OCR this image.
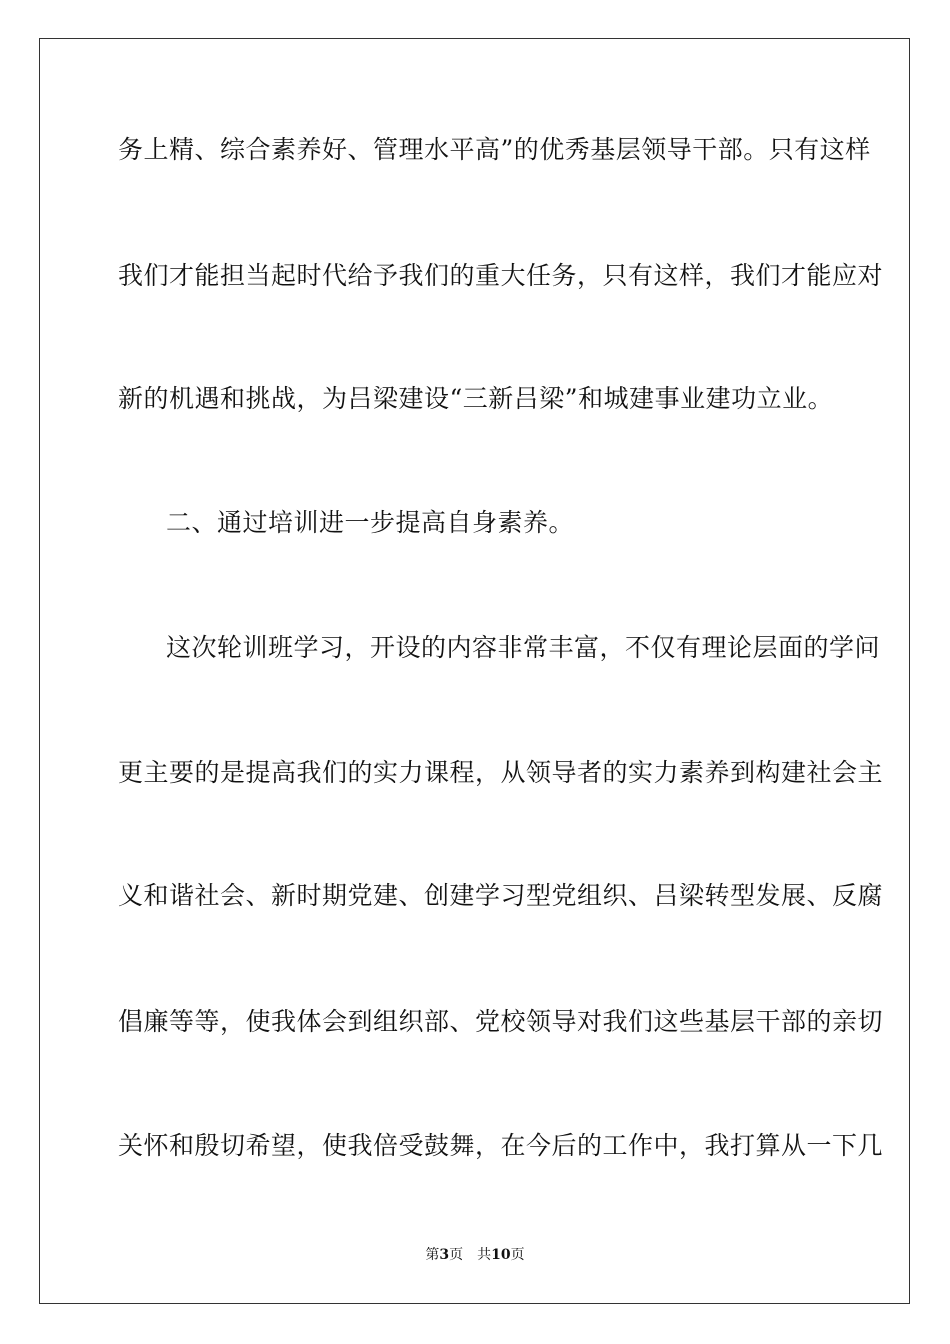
务上精、综合素养好、管理水平高”的优秀基层领导干部。只有这样
我们才能担当起时代给予我们的重大任务，只有这样，我们才能应对
新的机遇和挑战，为吕梁建设“三新吕梁”和城建事业建功立业。
二、通过培训进一步提高自身素养。
这次轮训班学习，开设的内容非常丰富，不仅有理论层面的学问
更主要的是提高我们的实力课程，从领导者的实力素养到构建社会主
义和谐社会、新时期党建、创建学习型党组织、吕梁转型发展、反腐
倡廉等等，使我体会到组织部、党校领导对我们这些基层干部的亲切
关怀和殷切希望，使我倍受鼓舞，在今后的工作中，我打算从一下几
第3页 共10页
